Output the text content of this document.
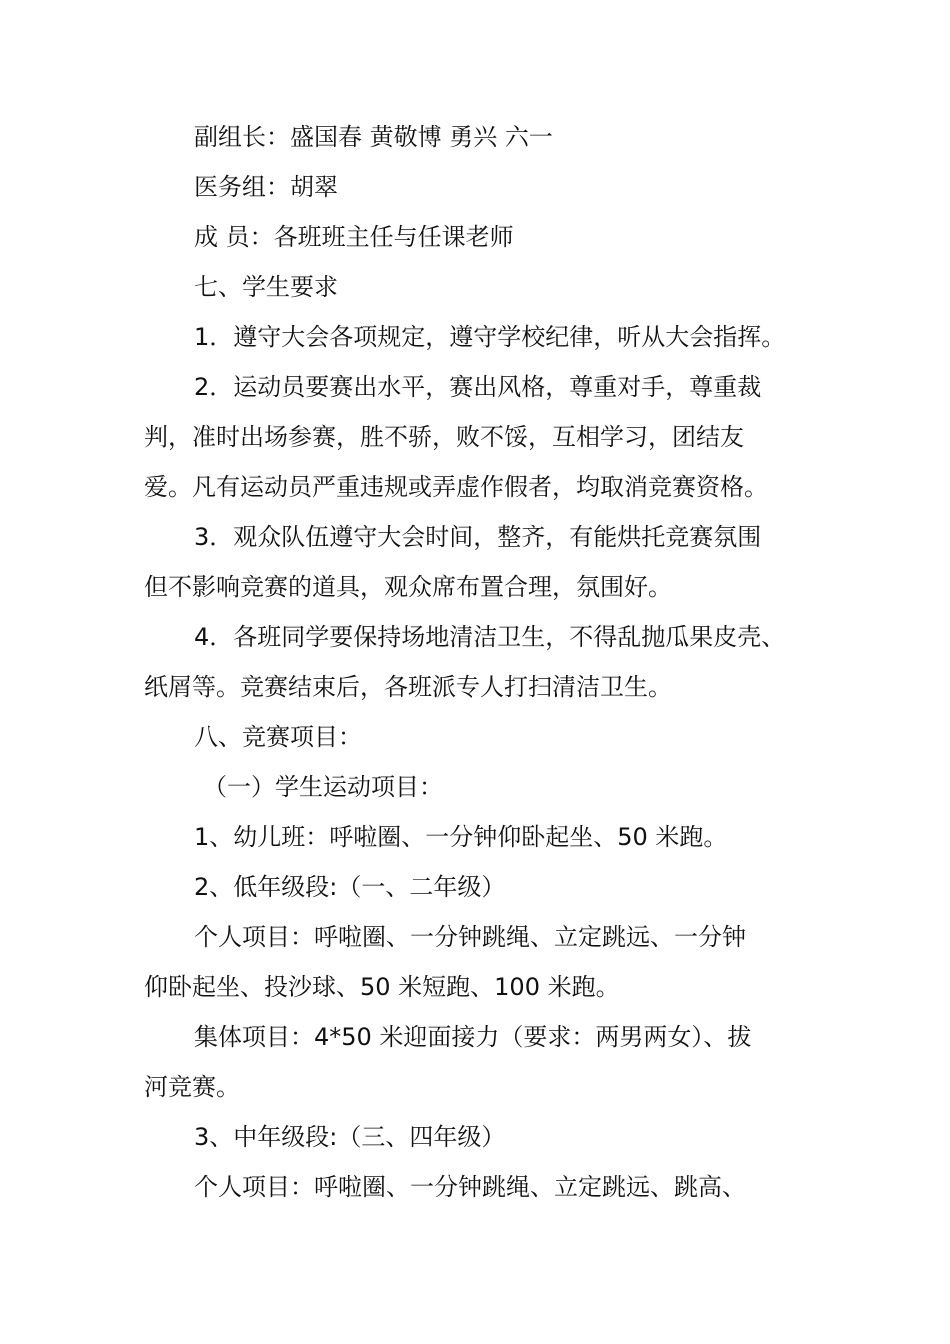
副组长：盛国春 黄敬博 勇兴 六一
医务组：胡翠
成 员：各班班主任与任课老师
七、学生要求
1．遵守大会各项规定，遵守学校纪律，听从大会指挥。
2．运动员要赛出水平，赛出风格，尊重对手，尊重裁
判，准时出场参赛，胜不骄，败不馁，互相学习，团结友
爱。凡有运动员严重违规或弄虚作假者，均取消竞赛资格。
3．观众队伍遵守大会时间，整齐，有能烘托竞赛氛围
但不影响竞赛的道具，观众席布置合理，氛围好。
4．各班同学要保持场地清洁卫生，不得乱抛瓜果皮壳、
纸屑等。竞赛结束后，各班派专人打扫清洁卫生。
八、竞赛项目：
（一）学生运动项目：
1、幼儿班：呼啦圈、一分钟仰卧起坐、50 米跑。
2、低年级段:（一、二年级）
个人项目：呼啦圈、一分钟跳绳、立定跳远、一分钟
仰卧起坐、投沙球、50 米短跑、100 米跑。
集体项目：4*50 米迎面接力（要求：两男两女）、拔
河竞赛。
3、中年级段:（三、四年级）
个人项目：呼啦圈、一分钟跳绳、立定跳远、跳高、
